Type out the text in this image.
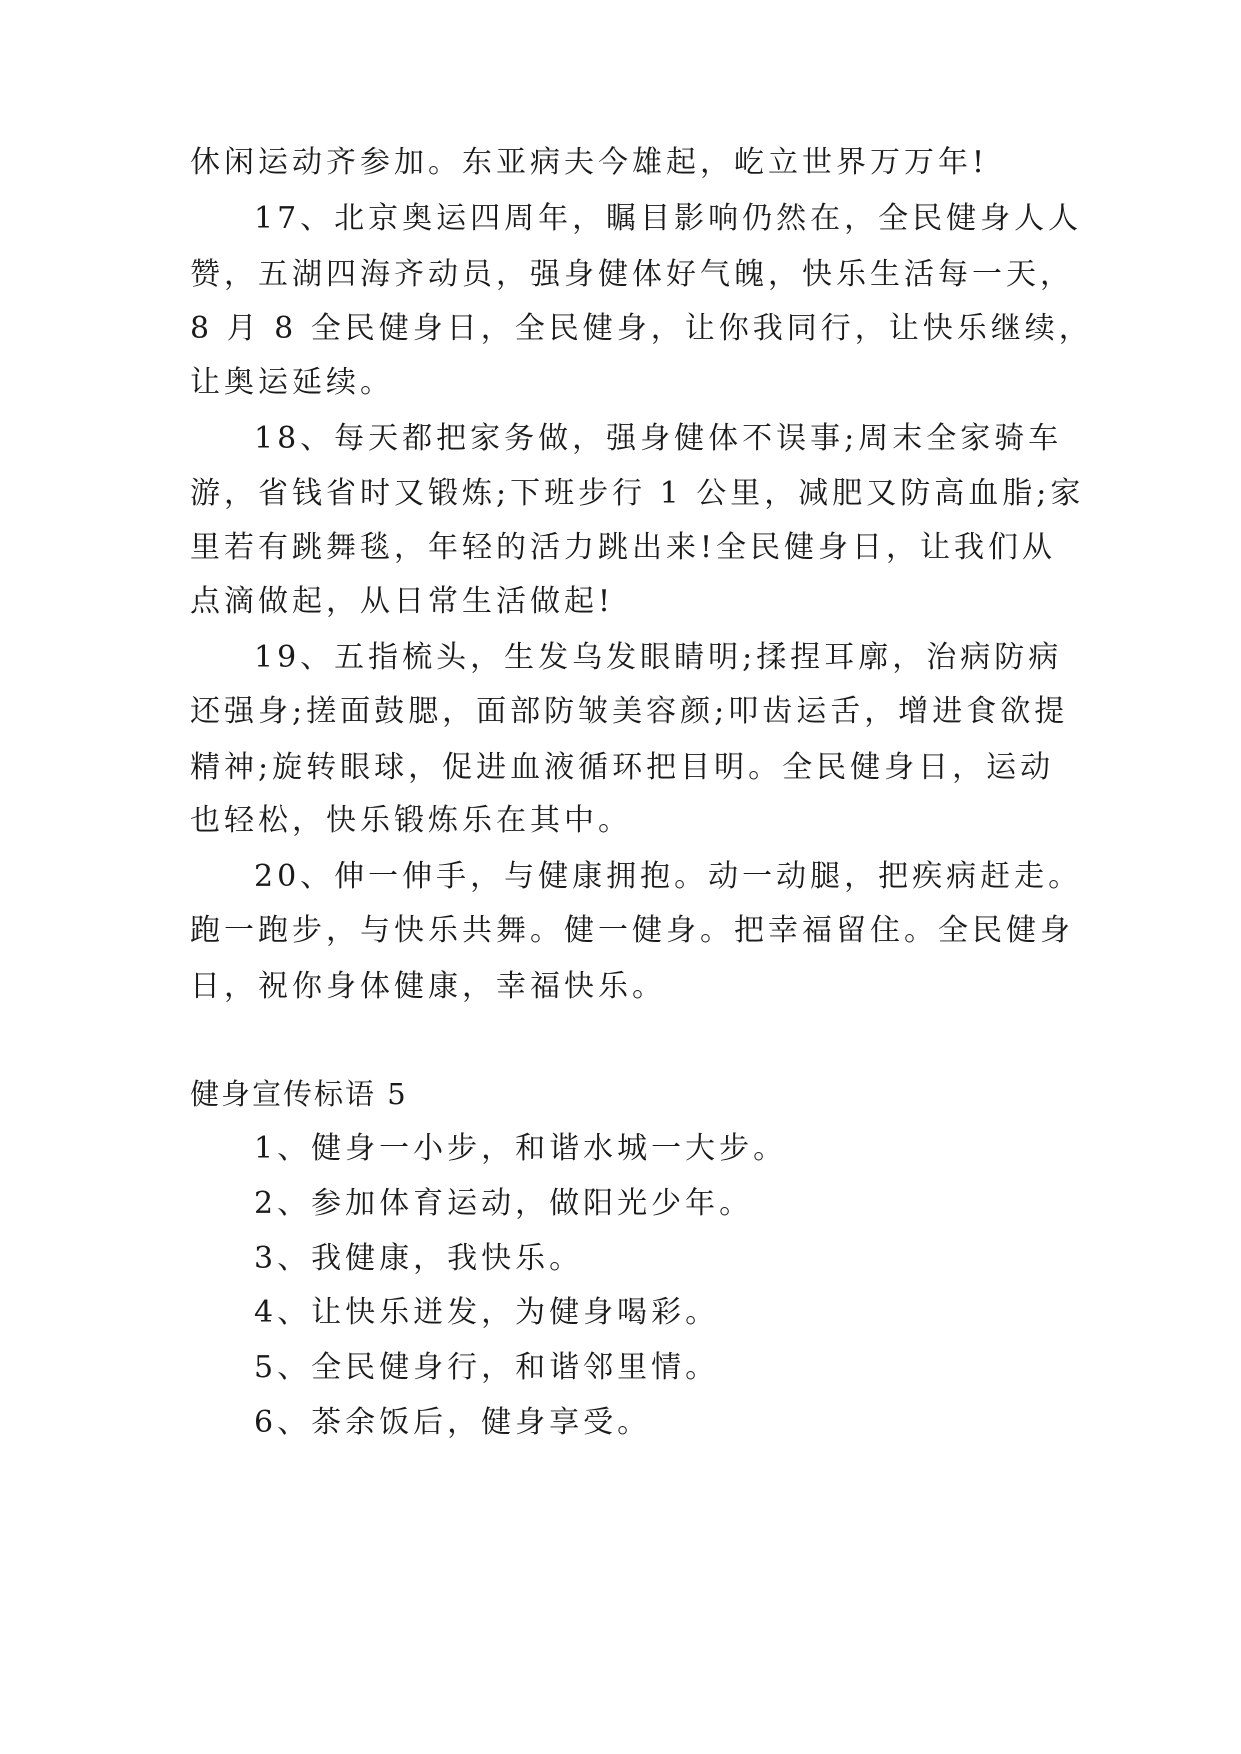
休闲运动齐参加。东亚病夫今雄起，屹立世界万万年!
17、北京奥运四周年，瞩目影响仍然在，全民健身人人
赞，五湖四海齐动员，强身健体好气魄，快乐生活每一天，
8 月 8 全民健身日，全民健身，让你我同行，让快乐继续，
让奥运延续。
18、每天都把家务做，强身健体不误事;周末全家骑车
游，省钱省时又锻炼;下班步行 1 公里，减肥又防高血脂;家
里若有跳舞毯，年轻的活力跳出来!全民健身日，让我们从
点滴做起，从日常生活做起!
19、五指梳头，生发乌发眼睛明;揉捏耳廓，治病防病
还强身;搓面鼓腮，面部防皱美容颜;叩齿运舌，增进食欲提
精神;旋转眼球，促进血液循环把目明。全民健身日，运动
也轻松，快乐锻炼乐在其中。
20、伸一伸手，与健康拥抱。动一动腿，把疾病赶走。
跑一跑步，与快乐共舞。健一健身。把幸福留住。全民健身
日，祝你身体健康，幸福快乐。
健身宣传标语 5
1、健身一小步，和谐水城一大步。
2、参加体育运动，做阳光少年。
3、我健康，我快乐。
4、让快乐迸发，为健身喝彩。
5、全民健身行，和谐邻里情。
6、茶余饭后，健身享受。
